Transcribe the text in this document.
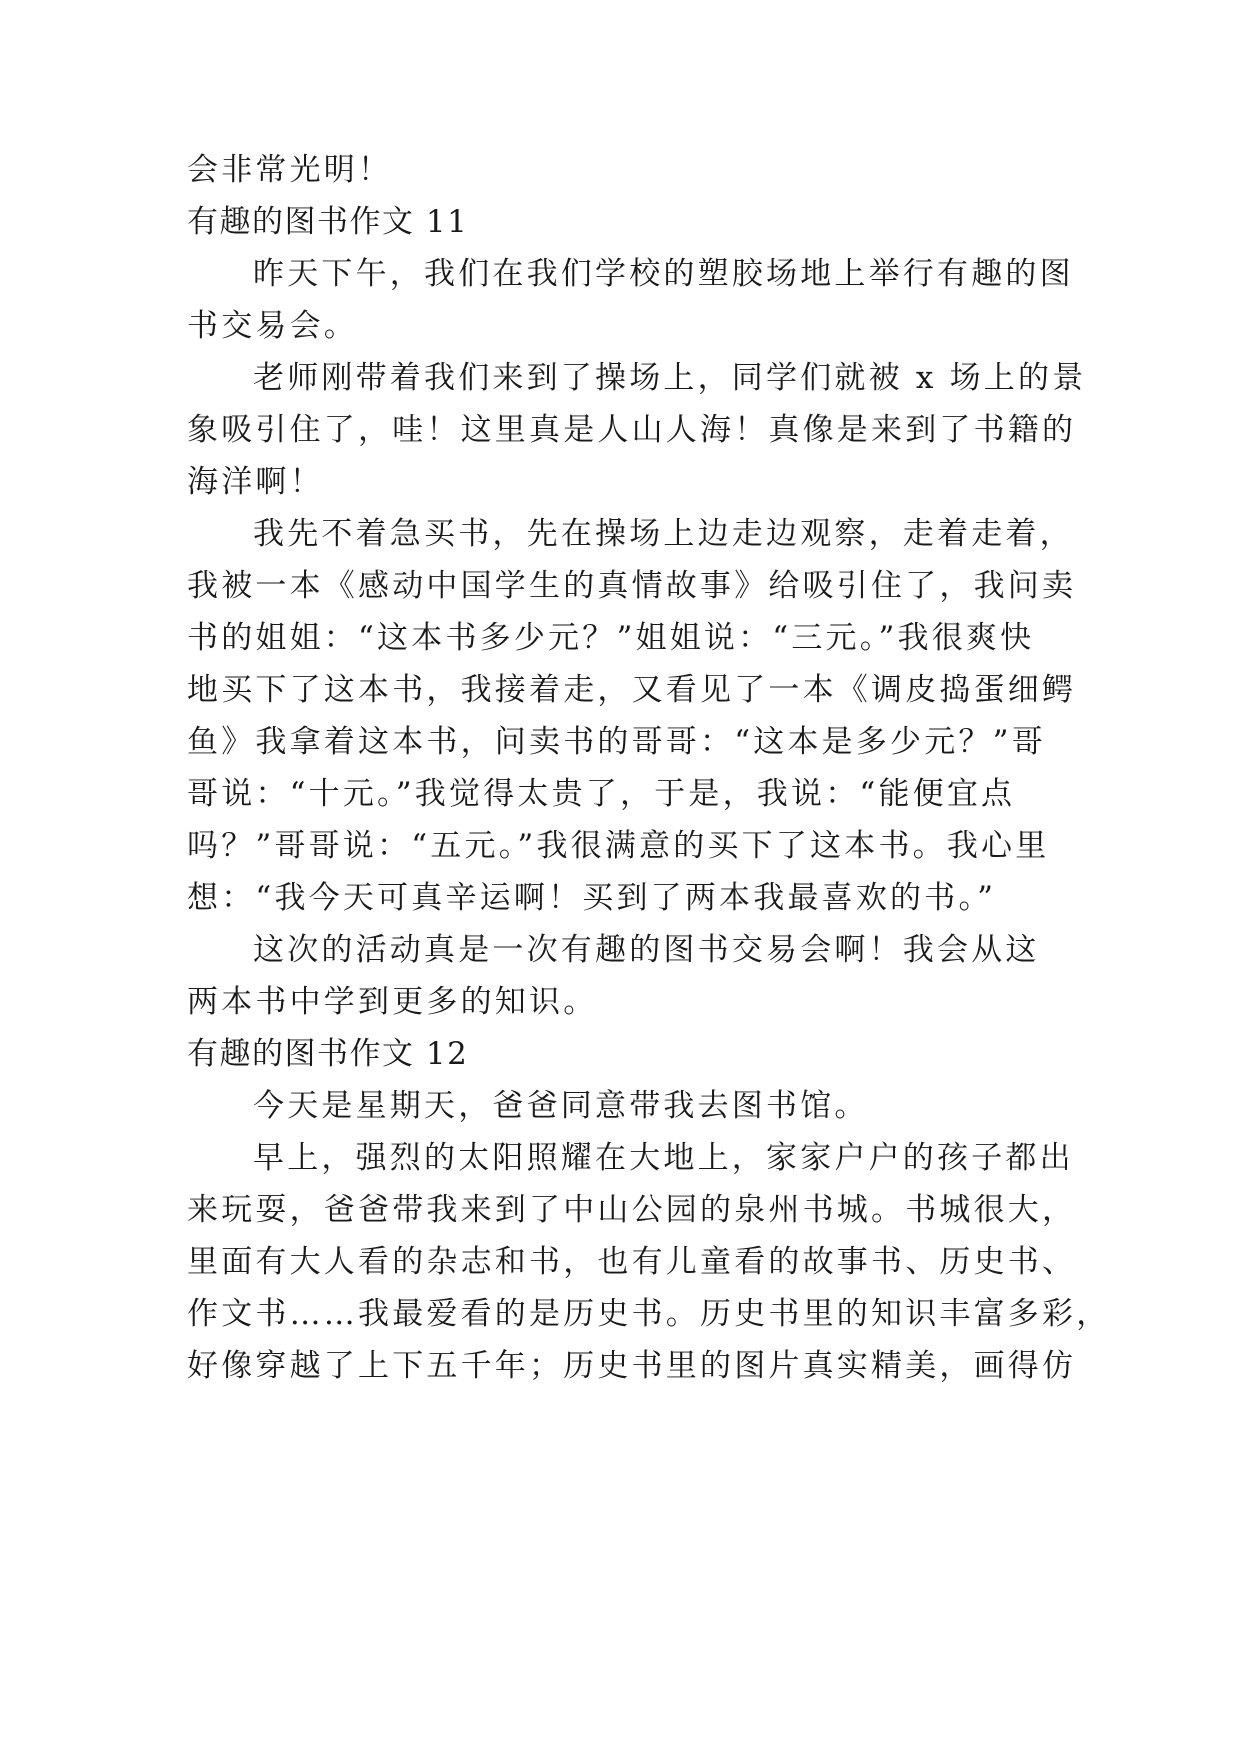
会非常光明！
有趣的图书作文 11
昨天下午，我们在我们学校的塑胶场地上举行有趣的图
书交易会。
老师刚带着我们来到了操场上，同学们就被 x 场上的景
象吸引住了，哇！这里真是人山人海！真像是来到了书籍的
海洋啊！
我先不着急买书，先在操场上边走边观察，走着走着，
我被一本《感动中国学生的真情故事》给吸引住了，我问卖
书的姐姐：“这本书多少元？”姐姐说：“三元。”我很爽快
地买下了这本书，我接着走，又看见了一本《调皮捣蛋细鳄
鱼》我拿着这本书，问卖书的哥哥：“这本是多少元？”哥
哥说：“十元。”我觉得太贵了，于是，我说：“能便宜点
吗？”哥哥说：“五元。”我很满意的买下了这本书。我心里
想：“我今天可真辛运啊！买到了两本我最喜欢的书。”
这次的活动真是一次有趣的图书交易会啊！我会从这
两本书中学到更多的知识。
有趣的图书作文 12
今天是星期天，爸爸同意带我去图书馆。
早上，强烈的太阳照耀在大地上，家家户户的孩子都出
来玩耍，爸爸带我来到了中山公园的泉州书城。书城很大，
里面有大人看的杂志和书，也有儿童看的故事书、历史书、
作文书……我最爱看的是历史书。历史书里的知识丰富多彩，
好像穿越了上下五千年；历史书里的图片真实精美，画得仿
